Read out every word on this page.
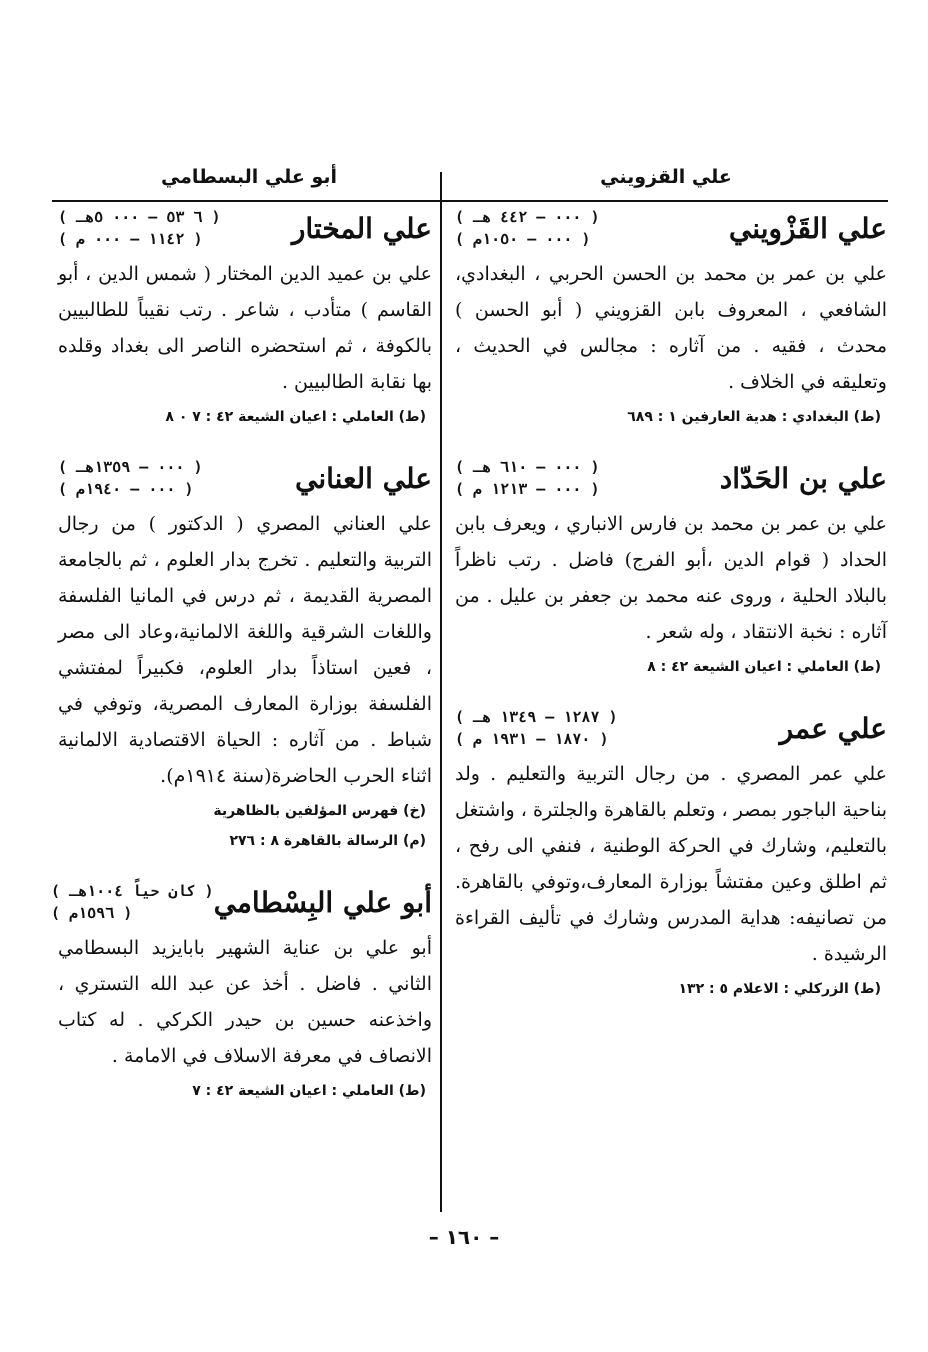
علي القزويني
أبو علي البسطامي
علي القَزْويني
( ٠٠٠ – ٤٤٢ هـ )
( ٠٠٠ – ١٠٥٠م )
علي بن عمر بن محمد بن الحسن الحربي ، البغدادي، الشافعي ، المعروف بابن القزويني ( أبو الحسن ) محدث ، فقيه . من آثاره : مجالس في الحديث ، وتعليقه في الخلاف .
(ط) البغدادي : هدية العارفين ١ : ٦٨٩
علي بن الحَدّاد
( ٠٠٠ – ٦١٠ هـ )
( ٠٠٠ – ١٢١٣ م )
علي بن عمر بن محمد بن فارس الانباري ، ويعرف بابن الحداد ( قوام الدين ،أبو الفرج) فاضل . رتب ناظراً بالبلاد الحلية ، وروى عنه محمد بن جعفر بن عليل . من آثاره : نخبة الانتقاد ، وله شعر .
(ط) العاملي : اعيان الشيعة ٤٢ : ٨
علي عمر
( ١٢٨٧ – ١٣٤٩ هـ )
( ١٨٧٠ – ١٩٣١ م )
علي عمر المصري . من رجال التربية والتعليم . ولد بناحية الباجور بمصر ، وتعلم بالقاهرة والجلترة ، واشتغل بالتعليم، وشارك في الحركة الوطنية ، فنفي الى رفح ، ثم اطلق وعين مفتشاً بوزارة المعارف،وتوفي بالقاهرة. من تصانيفه: هداية المدرس وشارك في تأليف القراءة الرشيدة .
(ط) الزركلي : الاعلام ٥ : ١٣٢
علي المختار
( ٦ ٥٣ – ٠٠٠ ٥هـ )
( ١١٤٢ – ٠٠٠ م )
علي بن عميد الدين المختار ( شمس الدين ، أبو القاسم ) متأدب ، شاعر . رتب نقيباً للطالبيين بالكوفة ، ثم استحضره الناصر الى بغداد وقلده بها نقابة الطالبيين .
(ط) العاملي : اعيان الشيعة ٤٢ : ٧ ٠ ٨
علي العناني
( ٠٠٠ – ١٣٥٩هـ )
( ٠٠٠ – ١٩٤٠م )
علي العناني المصري ( الدكتور ) من رجال التربية والتعليم . تخرج بدار العلوم ، ثم بالجامعة المصرية القديمة ، ثم درس في المانيا الفلسفة واللغات الشرقية واللغة الالمانية،وعاد الى مصر ، فعين استاذاً بدار العلوم، فكبيراً لمفتشي الفلسفة بوزارة المعارف المصرية، وتوفي في شباط . من آثاره : الحياة الاقتصادية الالمانية اثناء الحرب الحاضرة(سنة ١٩١٤م).
(خ) فهرس المؤلفين بالظاهرية
(م) الرسالة بالقاهرة ٨ : ٢٧٦
أبو علي البِسْطامي
( كان حياً ١٠٠٤هـ )
( ١٥٩٦م )
أبو علي بن عناية الشهير بابايزيد البسطامي الثاني . فاضل . أخذ عن عبد الله التستري ، واخذعنه حسين بن حيدر الكركي . له كتاب الانصاف في معرفة الاسلاف في الامامة .
(ط) العاملي : اعيان الشيعة ٤٢ : ٧
– ١٦٠ –
